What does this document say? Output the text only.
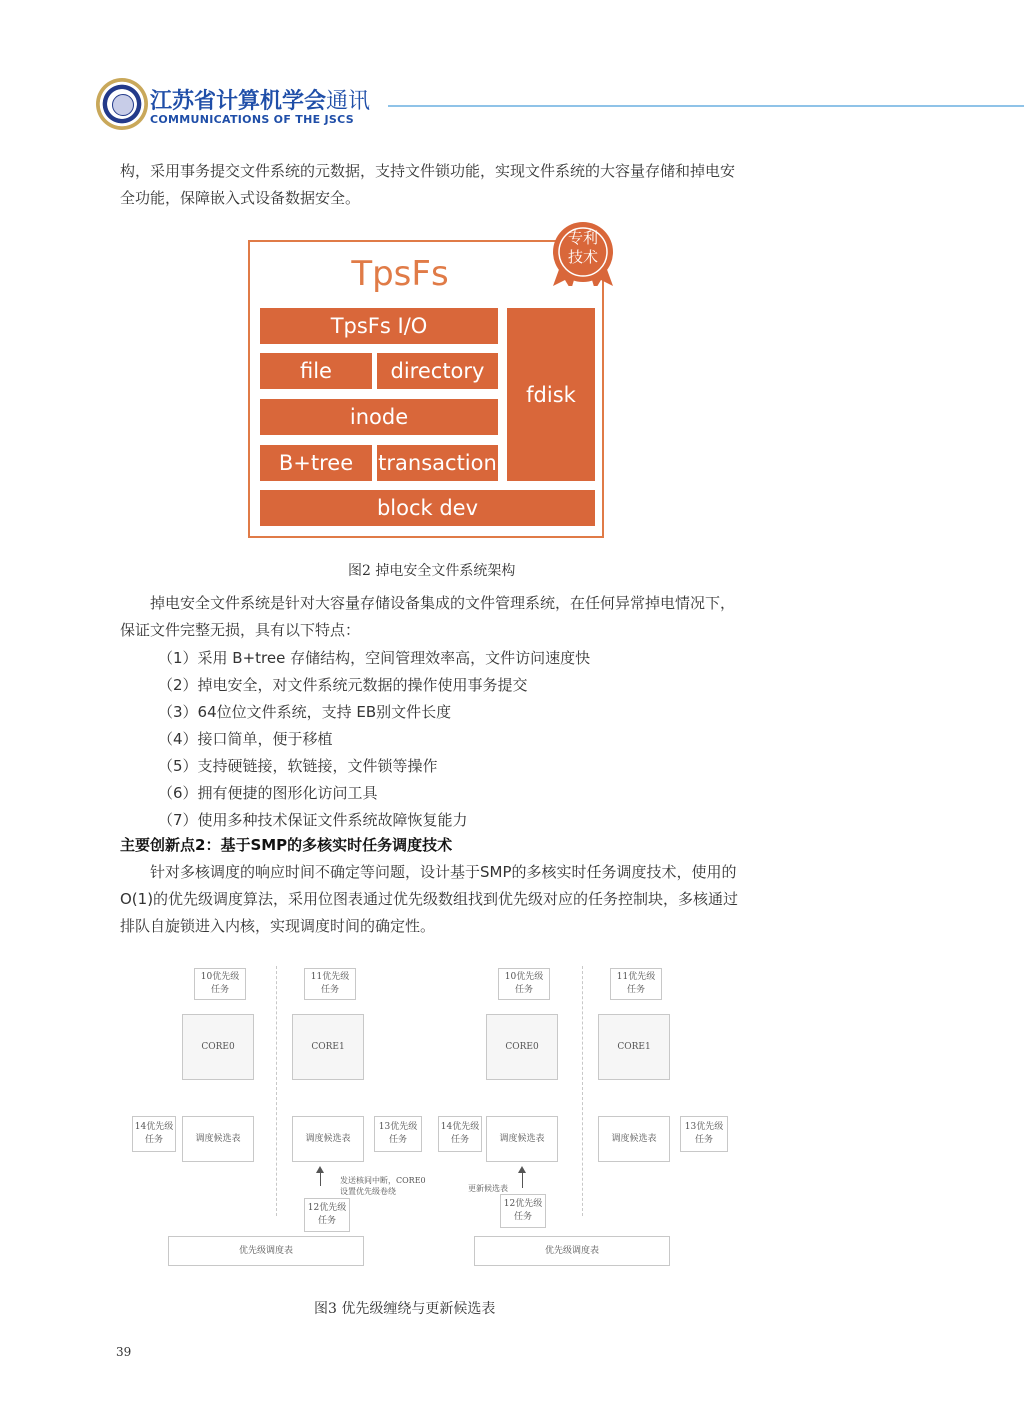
江苏省计算机学会通讯
COMMUNICATIONS OF THE JSCS

构，采用事务提交文件系统的元数据，支持文件锁功能，实现文件系统的大容量存储和掉电安全功能，保障嵌入式设备数据安全。

TpsFs
TpsFs I/O
file	directory
inode
B+tree	transaction
fdisk
block dev
专利
技术
图2 掉电安全文件系统架构

掉电安全文件系统是针对大容量存储设备集成的文件管理系统，在任何异常掉电情况下，保证文件完整无损，具有以下特点：

（1）采用 B+tree 存储结构，空间管理效率高，文件访问速度快
（2）掉电安全，对文件系统元数据的操作使用事务提交
（3）64位位文件系统，支持 EB别文件长度
（4）接口简单，便于移植
（5）支持硬链接，软链接，文件锁等操作
（6）拥有便捷的图形化访问工具
（7）使用多种技术保证文件系统故障恢复能力
主要创新点2：基于SMP的多核实时任务调度技术

针对多核调度的响应时间不确定等问题，设计基于SMP的多核实时任务调度技术，使用的O(1)的优先级调度算法，采用位图表通过优先级数组找到优先级对应的任务控制块，多核通过排队自旋锁进入内核，实现调度时间的确定性。

10优先级
任务
11优先级
任务
CORE0	CORE1
14优先级
任务	调度候选表	调度候选表
13优先级
任务
发送核间中断，CORE0
设置优先级卷绕
12优先级
任务
优先级调度表
10优先级
任务
11优先级
任务
CORE0	CORE1
14优先级
任务	调度候选表	调度候选表
13优先级
任务
更新候选表
12优先级
任务
优先级调度表
图3 优先级缠绕与更新候选表
39
